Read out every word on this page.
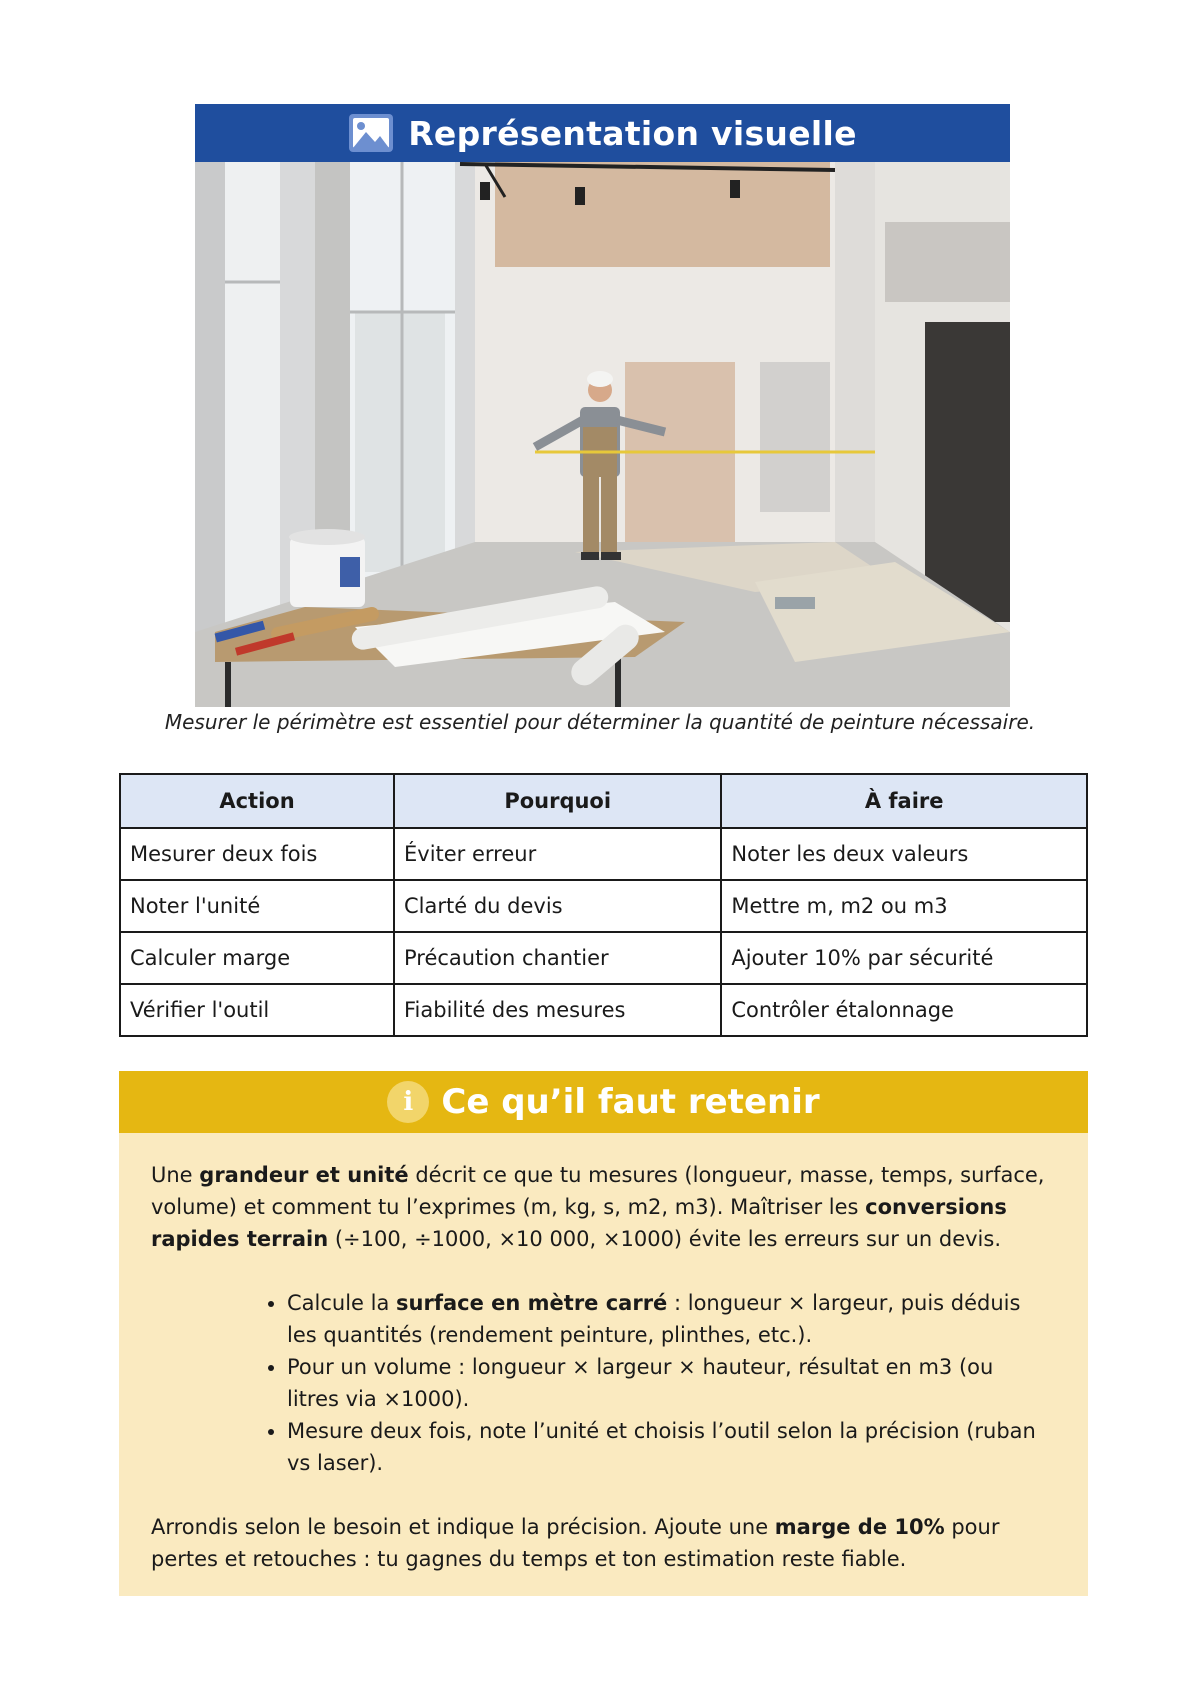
Représentation visuelle
Mesurer le périmètre est essentiel pour déterminer la quantité de peinture nécessaire.
Action	Pourquoi	À faire
Mesurer deux fois	Éviter erreur	Noter les deux valeurs
Noter l'unité	Clarté du devis	Mettre m, m2 ou m3
Calculer marge	Précaution chantier	Ajouter 10% par sécurité
Vérifier l'outil	Fiabilité des mesures	Contrôler étalonnage
i Ce qu’il faut retenir

Une grandeur et unité décrit ce que tu mesures (longueur, masse, temps, surface, volume) et comment tu l’exprimes (m, kg, s, m2, m3). Maîtriser les conversions rapides terrain (÷100, ÷1000, ×10 000, ×1000) évite les erreurs sur un devis.

• Calcule la surface en mètre carré : longueur × largeur, puis déduis les quantités (rendement peinture, plinthes, etc.).
• Pour un volume : longueur × largeur × hauteur, résultat en m3 (ou litres via ×1000).
• Mesure deux fois, note l’unité et choisis l’outil selon la précision (ruban vs laser).

Arrondis selon le besoin et indique la précision. Ajoute une marge de 10% pour pertes et retouches : tu gagnes du temps et ton estimation reste fiable.
